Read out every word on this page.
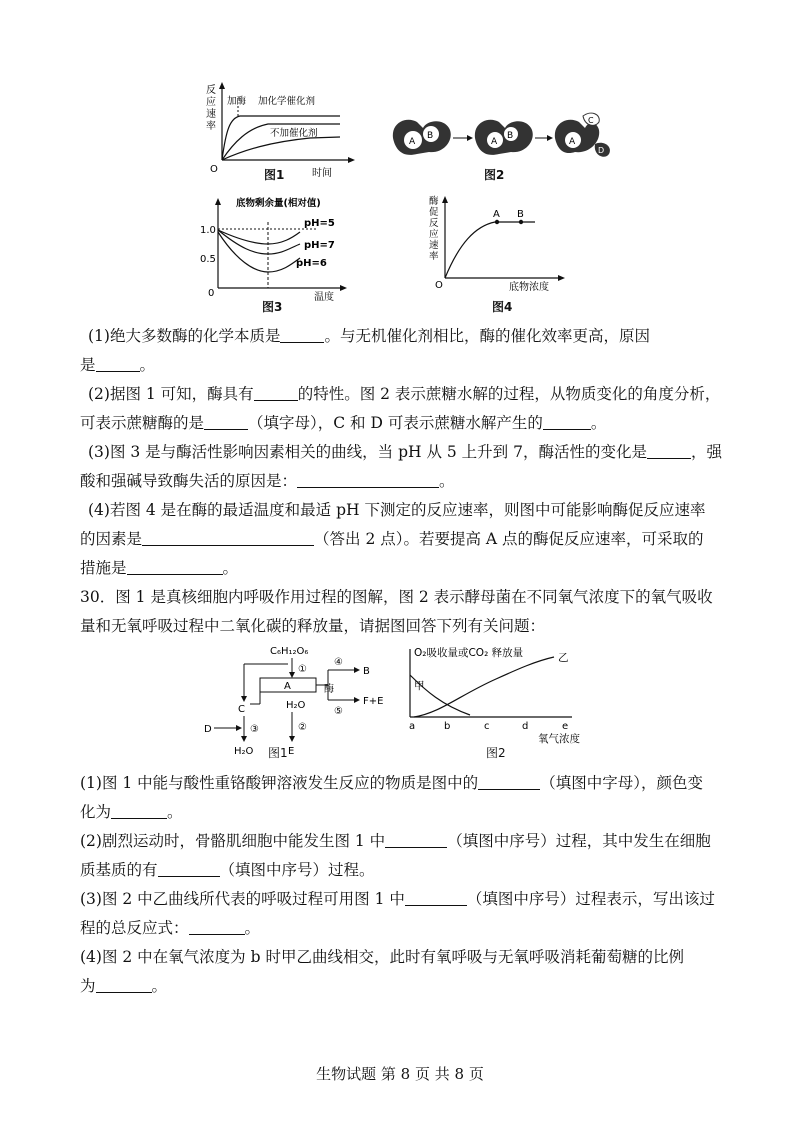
反
应
速
率
O	时间
加酶 加化学催化剂
不加催化剂
图1
A
B
A
B
A
C
D
图2
底物剩余量(相对值)
1.0
0.5
0	温度
pH=5
pH=7
pH=6
图3
酶
促
反
应
速
率
O	底物浓度
A B
图4

(1)绝大多数酶的化学本质是	。与无机催化剂相比，酶的催化效率更高，原因
是	。

(2)据图 1 可知，酶具有	的特性。图 2 表示蔗糖水解的过程，从物质变化的角度分析，
可表示蔗糖酶的是	（填字母），C 和 D 可表示蔗糖水解产生的	。

(3)图 3 是与酶活性影响因素相关的曲线，当 pH 从 5 上升到 7，酶活性的变化是	，强
酸和强碱导致酶失活的原因是：	。

(4)若图 4 是在酶的最适温度和最适 pH 下测定的反应速率，则图中可能影响酶促反应速率
的因素是	（答出 2 点）。若要提高 A 点的酶促反应速率，可采取的
措施是	。

30．图 1 是真核细胞内呼吸作用过程的图解，图 2 表示酵母菌在不同氧气浓度下的氧气吸收
量和无氧呼吸过程中二氧化碳的释放量，请据图回答下列有关问题：

C₆H₁₂O₆
①
A	酶
④
B
⑤
F+E
C
D	③
H₂O
H₂O
②
E
图1
O₂吸收量或CO₂ 释放量
甲
乙
a	b	c	d	e
氧气浓度
图2

(1)图 1 中能与酸性重铬酸钾溶液发生反应的物质是图中的	（填图中字母），颜色变
化为	。

(2)剧烈运动时，骨骼肌细胞中能发生图 1 中	（填图中序号）过程，其中发生在细胞
质基质的有	（填图中序号）过程。

(3)图 2 中乙曲线所代表的呼吸过程可用图 1 中	（填图中序号）过程表示，写出该过
程的总反应式：	。

(4)图 2 中在氧气浓度为 b 时甲乙曲线相交，此时有氧呼吸与无氧呼吸消耗葡萄糖的比例
为	。

生物试题 第 8 页 共 8 页
